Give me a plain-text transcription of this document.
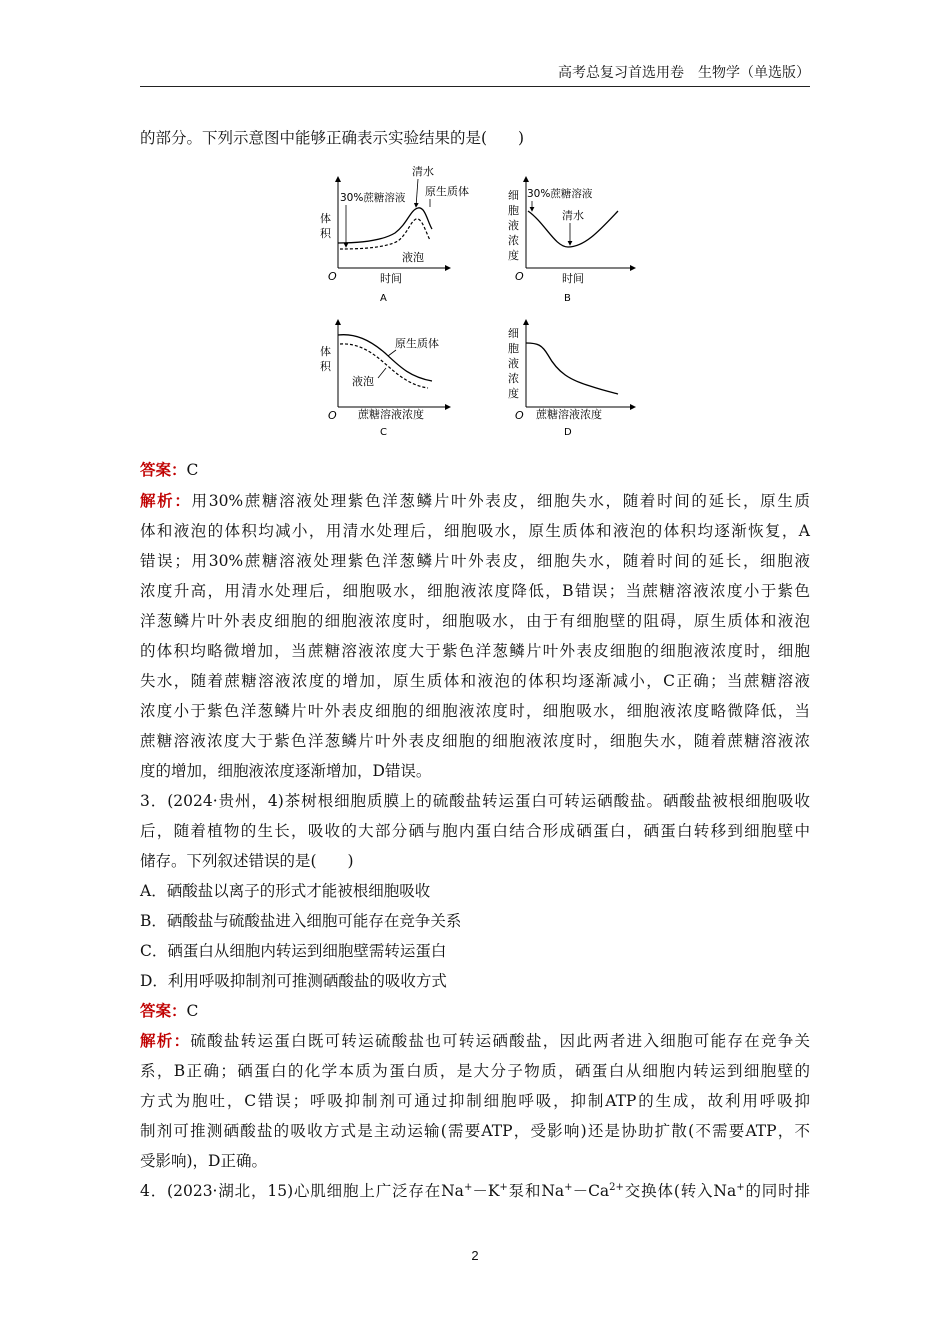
高考总复习首选用卷　生物学（单选版）
的部分。下列示意图中能够正确表示实验结果的是(　　)
体
积
O	时间
A
30%蔗糖溶液
清水
原生质体
液泡
细
胞
液
浓
度
O	时间
B
30%蔗糖溶液
清水
体
积
O 蔗糖溶液浓度
C
原生质体
液泡
细
胞
液
浓
度
O 蔗糖溶液浓度
D
答案：C
解析：用30%蔗糖溶液处理紫色洋葱鳞片叶外表皮，细胞失水，随着时间的延长，原生质
体和液泡的体积均减小，用清水处理后，细胞吸水，原生质体和液泡的体积均逐渐恢复，A
错误；用30%蔗糖溶液处理紫色洋葱鳞片叶外表皮，细胞失水，随着时间的延长，细胞液
浓度升高，用清水处理后，细胞吸水，细胞液浓度降低，B错误；当蔗糖溶液浓度小于紫色
洋葱鳞片叶外表皮细胞的细胞液浓度时，细胞吸水，由于有细胞壁的阻碍，原生质体和液泡
的体积均略微增加，当蔗糖溶液浓度大于紫色洋葱鳞片叶外表皮细胞的细胞液浓度时，细胞
失水，随着蔗糖溶液浓度的增加，原生质体和液泡的体积均逐渐减小，C正确；当蔗糖溶液
浓度小于紫色洋葱鳞片叶外表皮细胞的细胞液浓度时，细胞吸水，细胞液浓度略微降低，当
蔗糖溶液浓度大于紫色洋葱鳞片叶外表皮细胞的细胞液浓度时，细胞失水，随着蔗糖溶液浓
度的增加，细胞液浓度逐渐增加，D错误。
3．(2024·贵州，4)茶树根细胞质膜上的硫酸盐转运蛋白可转运硒酸盐。硒酸盐被根细胞吸收
后，随着植物的生长，吸收的大部分硒与胞内蛋白结合形成硒蛋白，硒蛋白转移到细胞壁中
储存。下列叙述错误的是(　　)
A．硒酸盐以离子的形式才能被根细胞吸收
B．硒酸盐与硫酸盐进入细胞可能存在竞争关系
C．硒蛋白从细胞内转运到细胞壁需转运蛋白
D．利用呼吸抑制剂可推测硒酸盐的吸收方式
答案：C
解析：硫酸盐转运蛋白既可转运硫酸盐也可转运硒酸盐，因此两者进入细胞可能存在竞争关
系，B正确；硒蛋白的化学本质为蛋白质，是大分子物质，硒蛋白从细胞内转运到细胞壁的
方式为胞吐，C错误；呼吸抑制剂可通过抑制细胞呼吸，抑制ATP的生成，故利用呼吸抑
制剂可推测硒酸盐的吸收方式是主动运输(需要ATP，受影响)还是协助扩散(不需要ATP，不
受影响)，D正确。
4．(2023·湖北，15)心肌细胞上广泛存在Na+－K+泵和$Na^+-Ca^{2+}$交换体(转入Na+的同时排
2
